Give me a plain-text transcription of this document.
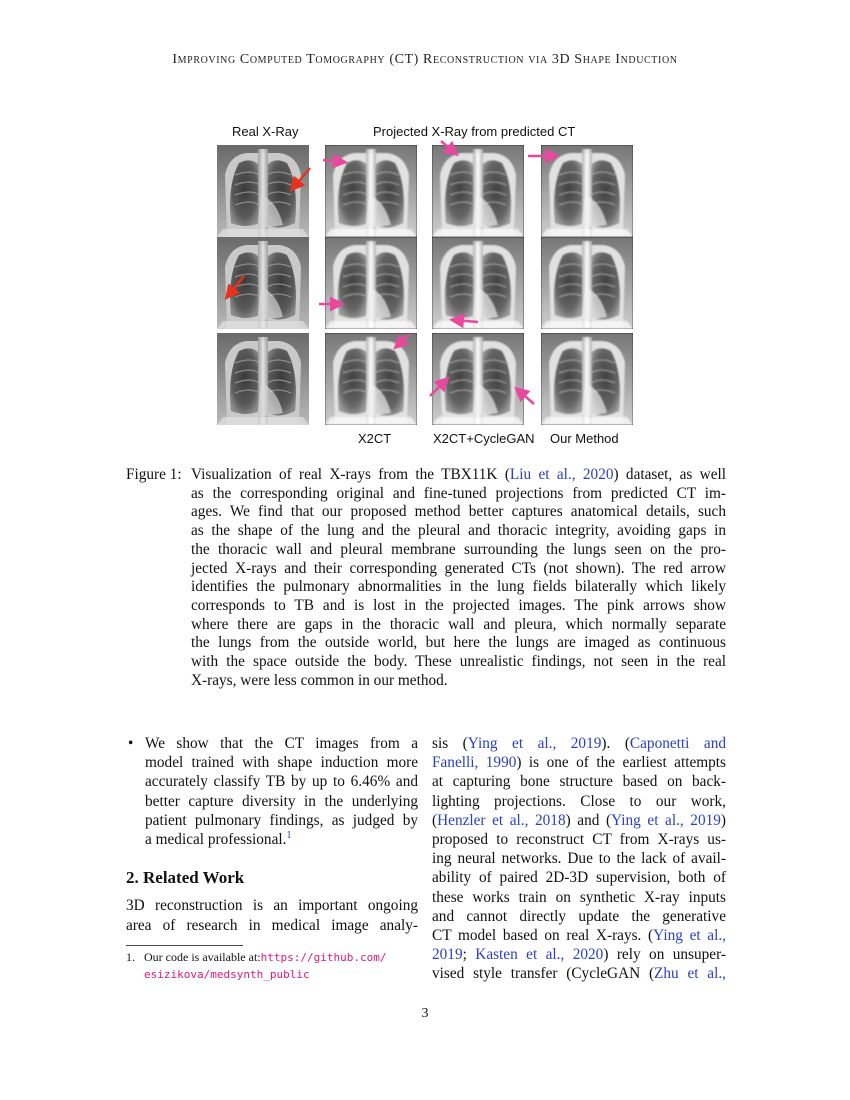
Improving Computed Tomography (CT) Reconstruction via 3D Shape Induction
Real X-Ray	Projected X-Ray from predicted CT
X2CT	X2CT+CycleGAN Our Method
Figure 1: Visualization of real X-rays from the TBX11K (Liu et al., 2020) dataset, as well
as the corresponding original and fine-tuned projections from predicted CT im-
ages. We find that our proposed method better captures anatomical details, such
as the shape of the lung and the pleural and thoracic integrity, avoiding gaps in
the thoracic wall and pleural membrane surrounding the lungs seen on the pro-
jected X-rays and their corresponding generated CTs (not shown). The red arrow
identifies the pulmonary abnormalities in the lung fields bilaterally which likely
corresponds to TB and is lost in the projected images. The pink arrows show
where there are gaps in the thoracic wall and pleura, which normally separate
the lungs from the outside world, but here the lungs are imaged as continuous
with the space outside the body. These unrealistic findings, not seen in the real
X-rays, were less common in our method.
• We show that the CT images from a
model trained with shape induction more
accurately classify TB by up to 6.46% and
better capture diversity in the underlying
patient pulmonary findings, as judged by
a medical professional.$^1$
2. Related Work
3D reconstruction is an important ongoing
area of research in medical image analy-
1. Our code is available at:https://github.com/
esizikova/medsynth_public
sis (Ying et al., 2019). (Caponetti and
Fanelli, 1990) is one of the earliest attempts
at capturing bone structure based on back-
lighting projections. Close to our work,
(Henzler et al., 2018) and (Ying et al., 2019)
proposed to reconstruct CT from X-rays us-
ing neural networks. Due to the lack of avail-
ability of paired 2D-3D supervision, both of
these works train on synthetic X-ray inputs
and cannot directly update the generative
CT model based on real X-rays. (Ying et al.,
2019; Kasten et al., 2020) rely on unsuper-
vised style transfer (CycleGAN (Zhu et al.,
3
